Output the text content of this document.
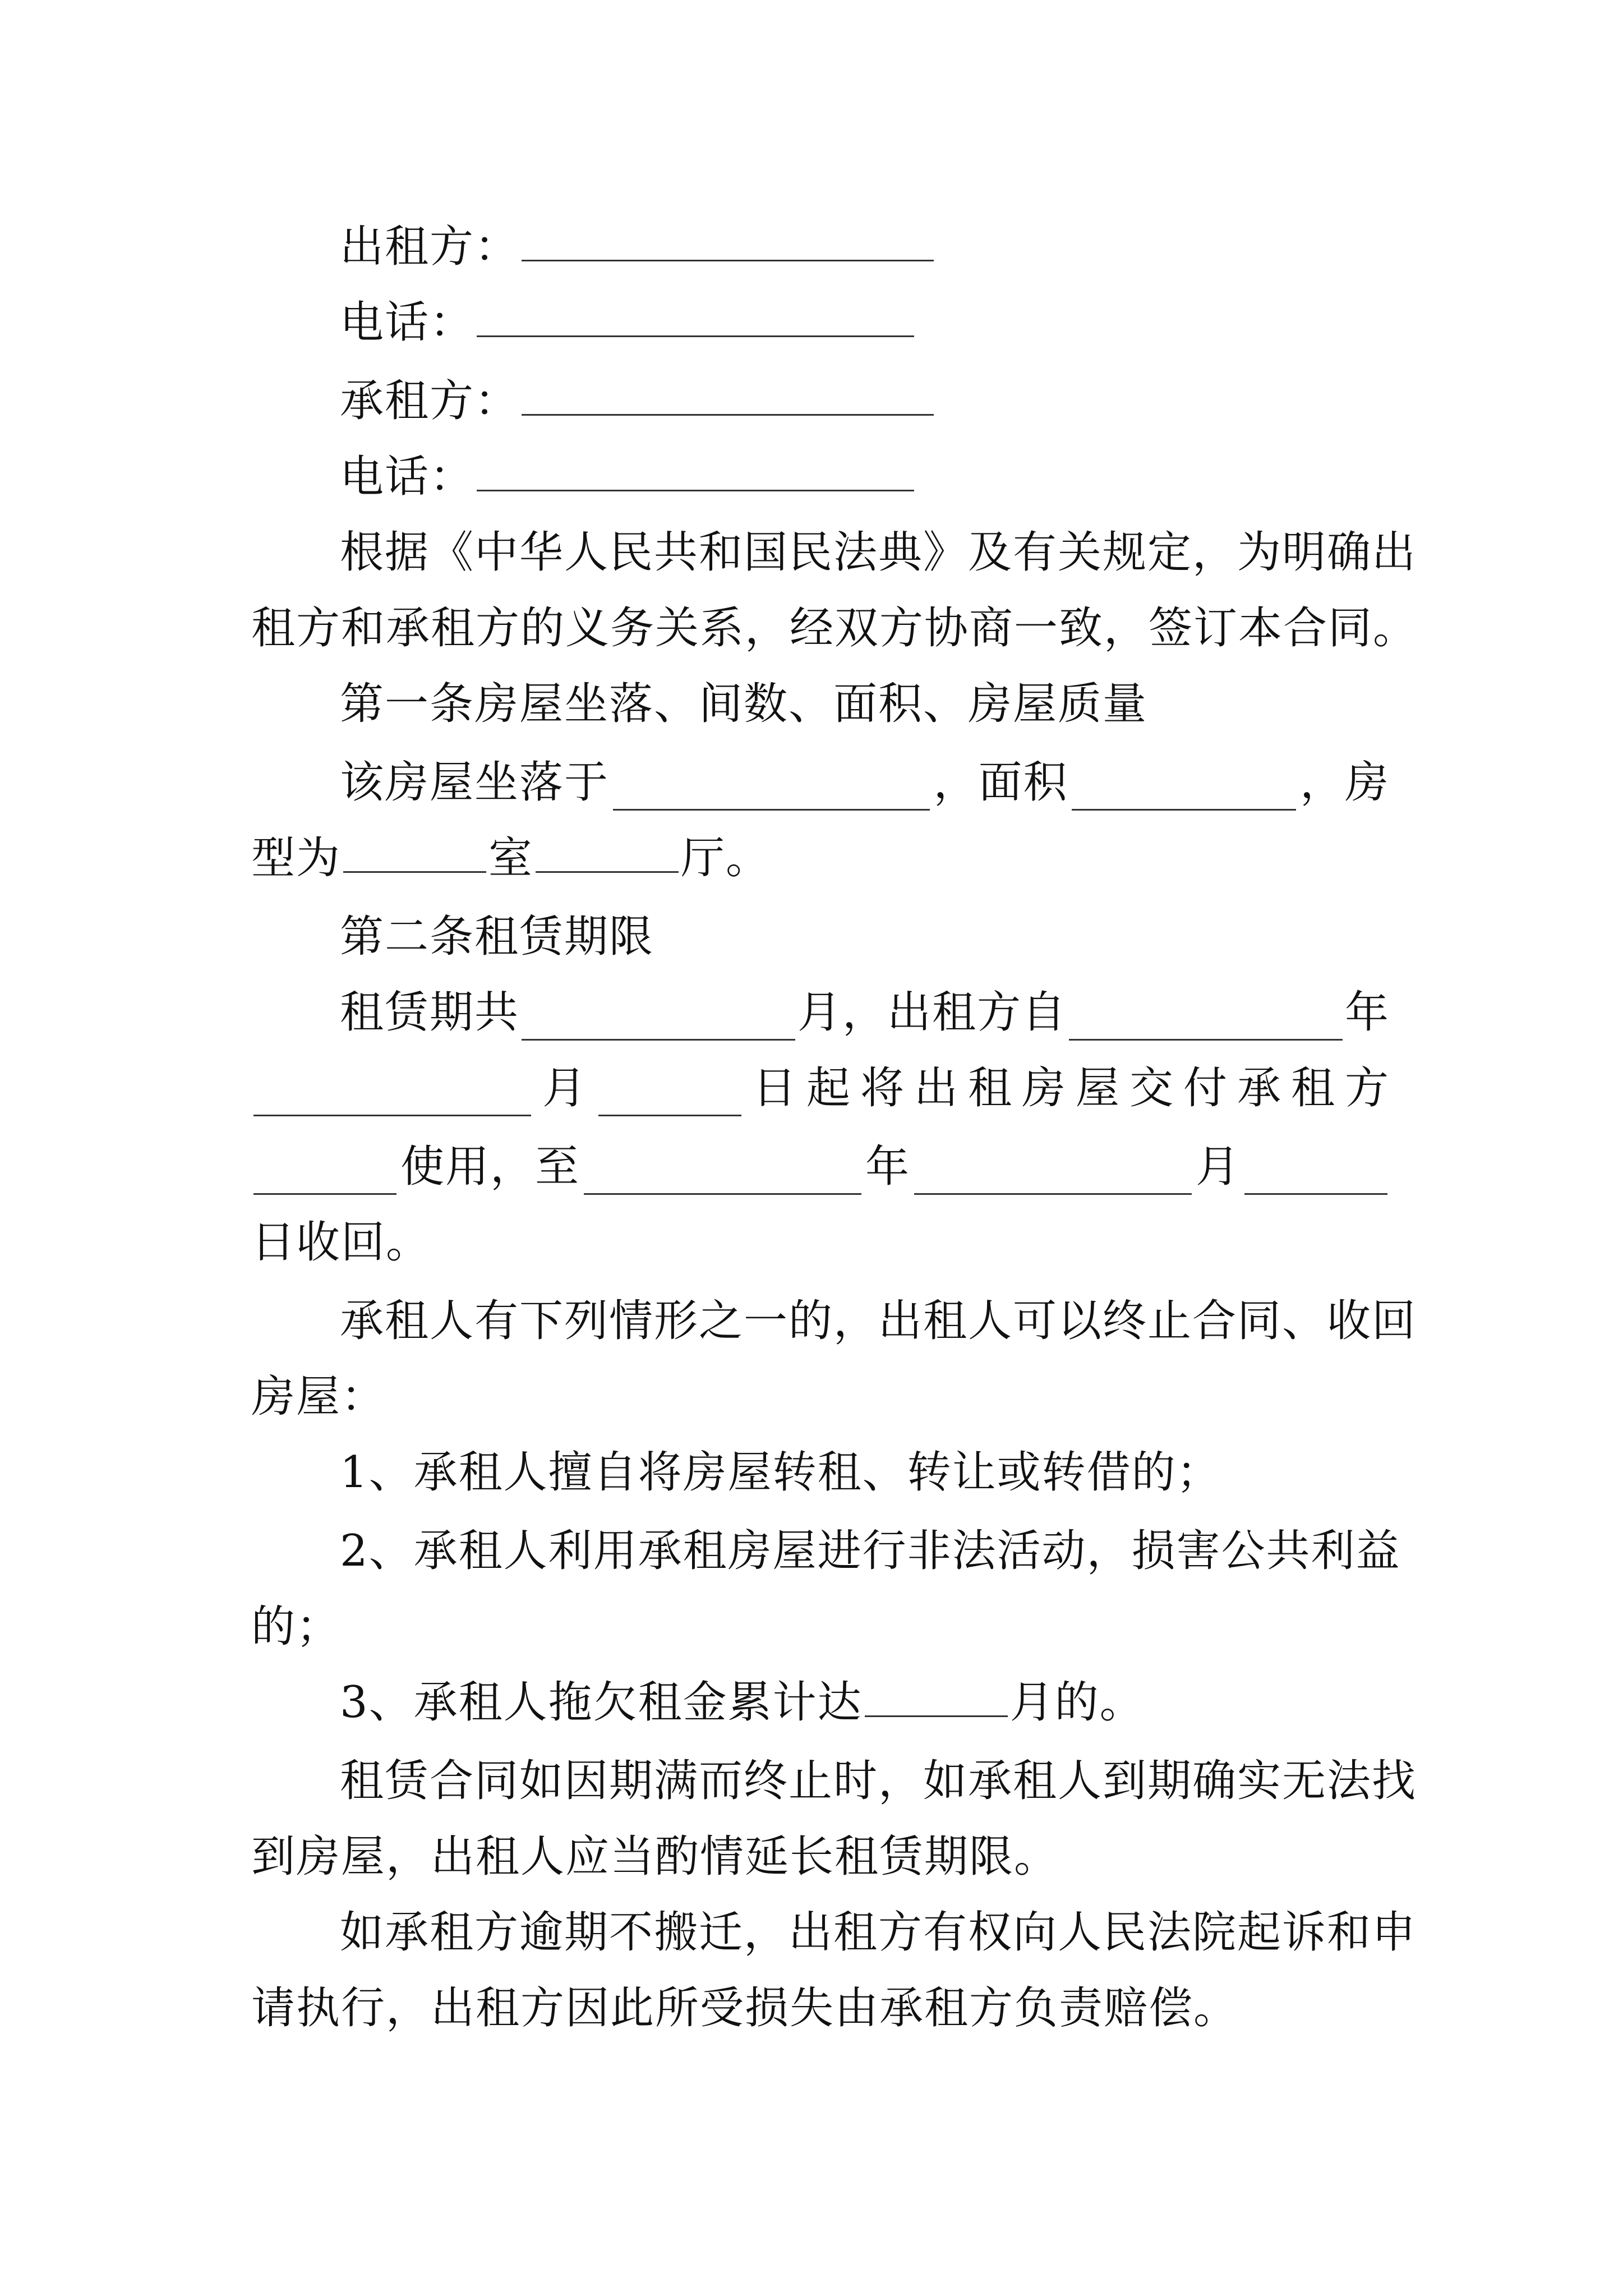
出租方：
电话：
承租方：
电话：
根据《中华人民共和国民法典》及有关规定，为明确出
租方和承租方的义务关系，经双方协商一致，签订本合同。
第一条房屋坐落、间数、面积、房屋质量
该房屋坐落于	，面积	，房
型为	室	厅。
第二条租赁期限
租赁期共	月，出租方自	年
月	日 起 将 出 租 房 屋 交 付 承 租 方
使用，至	年	月
日收回。
承租人有下列情形之一的，出租人可以终止合同、收回
房屋：
1、承租人擅自将房屋转租、转让或转借的；
2、承租人利用承租房屋进行非法活动，损害公共利益
的；
3、承租人拖欠租金累计达	月的。
租赁合同如因期满而终止时，如承租人到期确实无法找
到房屋，出租人应当酌情延长租赁期限。
如承租方逾期不搬迁，出租方有权向人民法院起诉和申
请执行，出租方因此所受损失由承租方负责赔偿。
